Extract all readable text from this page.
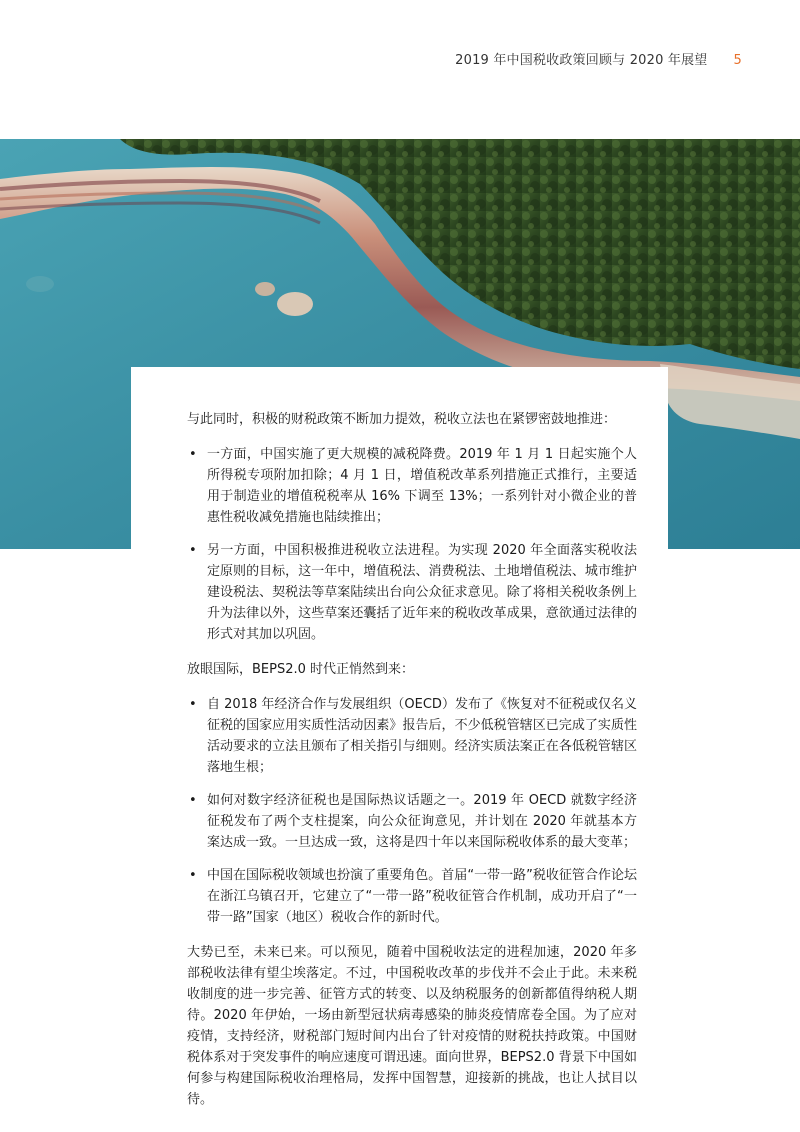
2019 年中国税收政策回顾与 2020 年展望 5

与此同时，积极的财税政策不断加力提效，税收立法也在紧锣密鼓地推进：

• 一方面，中国实施了更大规模的减税降费。2019 年 1 月 1 日起实施个人所得税专项附加扣除；4 月 1 日，增值税改革系列措施正式推行，主要适用于制造业的增值税税率从 16% 下调至 13%；一系列针对小微企业的普惠性税收减免措施也陆续推出；
• 另一方面，中国积极推进税收立法进程。为实现 2020 年全面落实税收法定原则的目标，这一年中，增值税法、消费税法、土地增值税法、城市维护建设税法、契税法等草案陆续出台向公众征求意见。除了将相关税收条例上升为法律以外，这些草案还囊括了近年来的税收改革成果，意欲通过法律的形式对其加以巩固。

放眼国际，BEPS2.0 时代正悄然到来：

• 自 2018 年经济合作与发展组织（OECD）发布了《恢复对不征税或仅名义征税的国家应用实质性活动因素》报告后，不少低税管辖区已完成了实质性活动要求的立法且颁布了相关指引与细则。经济实质法案正在各低税管辖区落地生根；
• 如何对数字经济征税也是国际热议话题之一。2019 年 OECD 就数字经济征税发布了两个支柱提案，向公众征询意见，并计划在 2020 年就基本方案达成一致。一旦达成一致，这将是四十年以来国际税收体系的最大变革；
• 中国在国际税收领域也扮演了重要角色。首届“一带一路”税收征管合作论坛在浙江乌镇召开，它建立了“一带一路”税收征管合作机制，成功开启了“一带一路”国家（地区）税收合作的新时代。

大势已至，未来已来。可以预见，随着中国税收法定的进程加速，2020 年多部税收法律有望尘埃落定。不过，中国税收改革的步伐并不会止于此。未来税收制度的进一步完善、征管方式的转变、以及纳税服务的创新都值得纳税人期待。2020 年伊始，一场由新型冠状病毒感染的肺炎疫情席卷全国。为了应对疫情，支持经济，财税部门短时间内出台了针对疫情的财税扶持政策。中国财税体系对于突发事件的响应速度可谓迅速。面向世界，BEPS2.0 背景下中国如何参与构建国际税收治理格局，发挥中国智慧，迎接新的挑战，也让人拭目以待。
